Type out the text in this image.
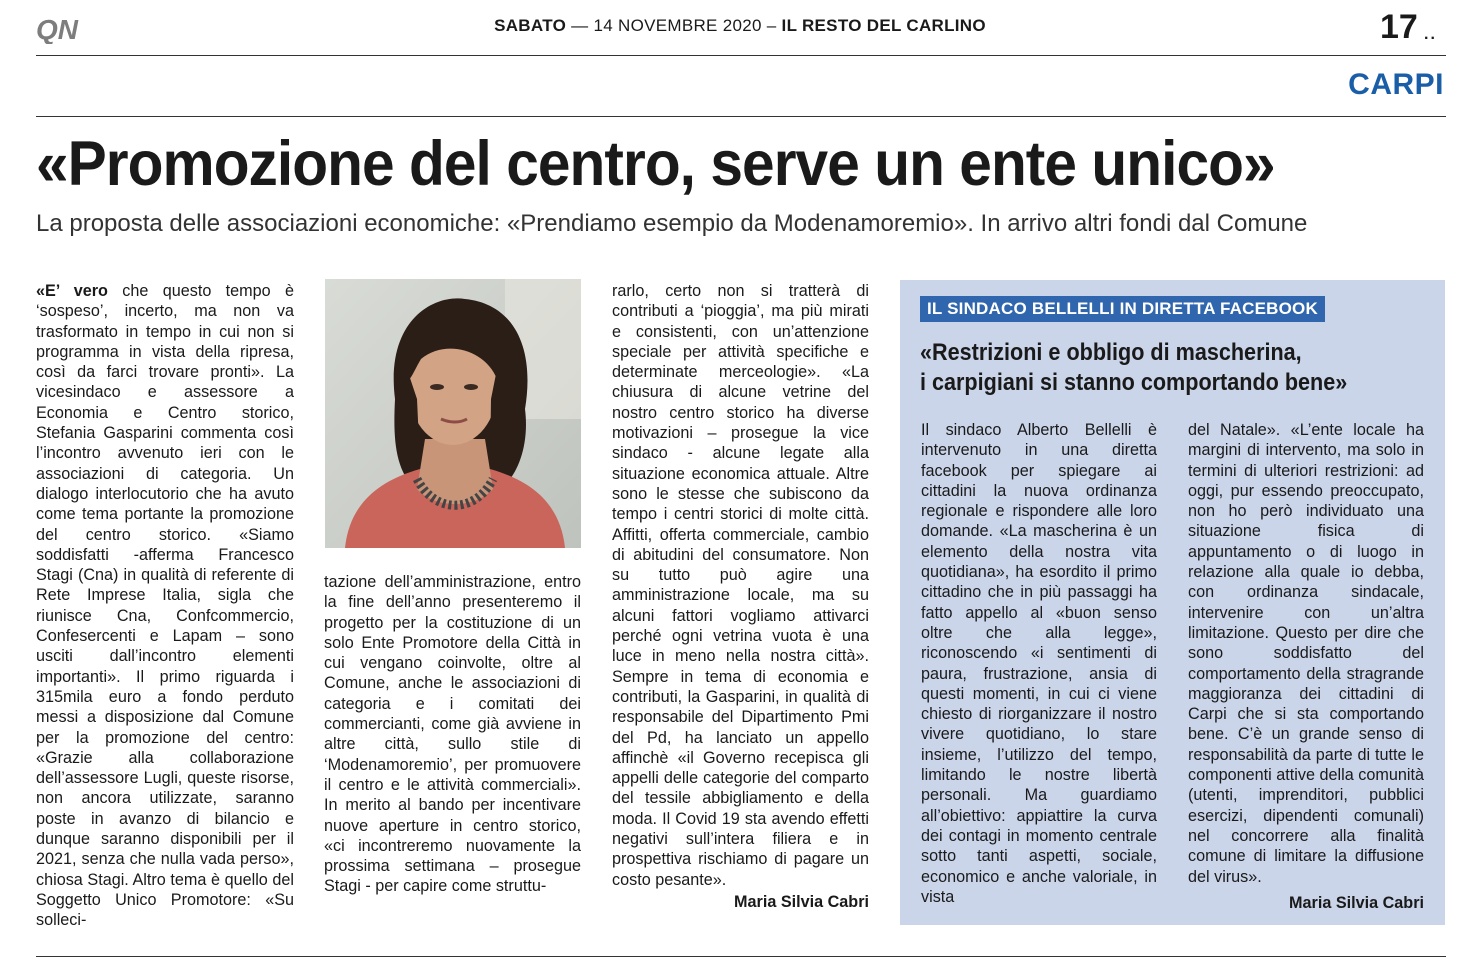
QN	SABATO — 14 NOVEMBRE 2020 – IL RESTO DEL CARLINO	17 ..
CARPI
«Promozione del centro, serve un ente unico»
La proposta delle associazioni economiche: «Prendiamo esempio da Modenamoremio». In arrivo altri fondi dal Comune

«E’ vero che questo tempo è ‘sospeso’, incerto, ma non va trasformato in tempo in cui non si programma in vista della ripresa, così da farci trovare pronti». La vicesindaco e assessore a Economia e Centro storico, Stefania Gasparini commenta così l’incontro avvenuto ieri con le associazioni di categoria. Un dialogo interlocutorio che ha avuto come tema portante la promozione del centro storico. «Siamo soddisfatti -afferma Francesco Stagi (Cna) in qualità di referente di Rete Imprese Italia, sigla che riunisce Cna, Confcommercio, Confesercenti e Lapam – sono usciti dall’incontro elementi importanti». Il primo riguarda i 315mila euro a fondo perduto messi a disposizione dal Comune per la promozione del centro: «Grazie alla collaborazione dell’assessore Lugli, queste risorse, non ancora utilizzate, saranno poste in avanzo di bilancio e dunque saranno disponibili per il 2021, senza che nulla vada perso», chiosa Stagi. Altro tema è quello del Soggetto Unico Promotore: «Su solleci-

tazione dell’amministrazione, entro la fine dell’anno presenteremo il progetto per la costituzione di un solo Ente Promotore della Città in cui vengano coinvolte, oltre al Comune, anche le associazioni di categoria e i comitati dei commercianti, come già avviene in altre città, sullo stile di ‘Modenamoremio’, per promuovere il centro e le attività commerciali». In merito al bando per incentivare nuove aperture in centro storico, «ci incontreremo nuovamente la prossima settimana – prosegue Stagi - per capire come struttu-

rarlo, certo non si tratterà di contributi a ‘pioggia’, ma più mirati e consistenti, con un’attenzione speciale per attività specifiche e determinate merceologie». «La chiusura di alcune vetrine del nostro centro storico ha diverse motivazioni – prosegue la vice sindaco - alcune legate alla situazione economica attuale. Altre sono le stesse che subiscono da tempo i centri storici di molte città. Affitti, offerta commerciale, cambio di abitudini del consumatore. Non su tutto può agire una amministrazione locale, ma su alcuni fattori vogliamo attivarci perché ogni vetrina vuota è una luce in meno nella nostra città». Sempre in tema di economia e contributi, la Gasparini, in qualità di responsabile del Dipartimento Pmi del Pd, ha lanciato un appello affinchè «il Governo recepisca gli appelli delle categorie del comparto del tessile abbigliamento e della moda. Il Covid 19 sta avendo effetti negativi sull’intera filiera e in prospettiva rischiamo di pagare un costo pesante».

Maria Silvia Cabri
IL SINDACO BELLELLI IN DIRETTA FACEBOOK
«Restrizioni e obbligo di mascherina,
i carpigiani si stanno comportando bene»

Il sindaco Alberto Bellelli è intervenuto in una diretta facebook per spiegare ai cittadini la nuova ordinanza regionale e rispondere alle loro domande. «La mascherina è un elemento della nostra vita quotidiana», ha esordito il primo cittadino che in più passaggi ha fatto appello al «buon senso oltre che alla legge», riconoscendo «i sentimenti di paura, frustrazione, ansia di questi momenti, in cui ci viene chiesto di riorganizzare il nostro vivere quotidiano, lo stare insieme, l’utilizzo del tempo, limitando le nostre libertà personali. Ma guardiamo all’obiettivo: appiattire la curva dei contagi in momento centrale sotto tanti aspetti, sociale, economico e anche valoriale, in vista

del Natale». «L’ente locale ha margini di intervento, ma solo in termini di ulteriori restrizioni: ad oggi, pur essendo preoccupato, non ho però individuato una situazione fisica di appuntamento o di luogo in relazione alla quale io debba, con ordinanza sindacale, intervenire con un’altra limitazione. Questo per dire che sono soddisfatto del comportamento della stragrande maggioranza dei cittadini di Carpi che si sta comportando bene. C’è un grande senso di responsabilità da parte di tutte le componenti attive della comunità (utenti, imprenditori, pubblici esercizi, dipendenti comunali) nel concorrere alla finalità comune di limitare la diffusione del virus».

Maria Silvia Cabri
